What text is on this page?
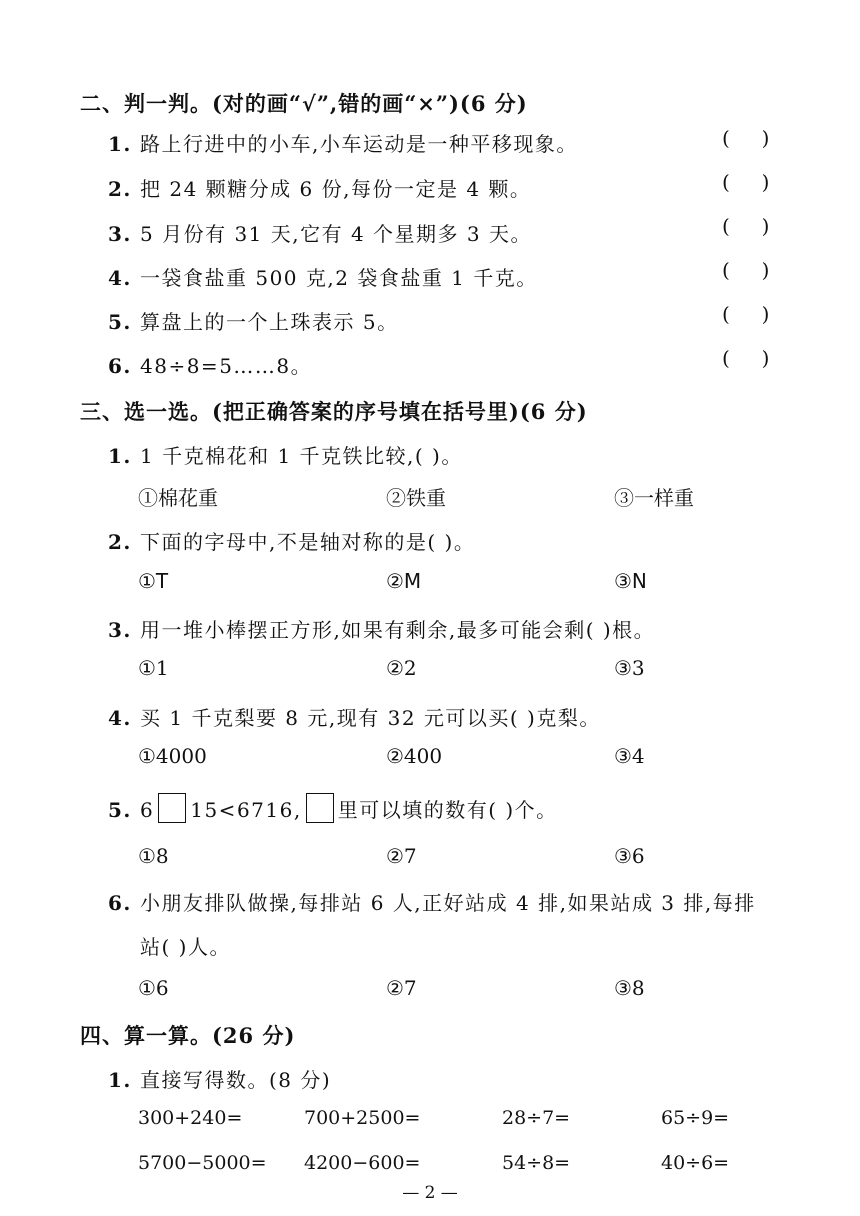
二、判一判。(对的画“√”,错的画“×”)(6 分)
1. 路上行进中的小车,小车运动是一种平移现象。	(     )
2. 把 24 颗糖分成 6 份,每份一定是 4 颗。	(     )
3. 5 月份有 31 天,它有 4 个星期多 3 天。	(     )
4. 一袋食盐重 500 克,2 袋食盐重 1 千克。	(     )
5. 算盘上的一个上珠表示 5。	(     )
6. 48÷8=5……8。	(     )
三、选一选。(把正确答案的序号填在括号里)(6 分)
1. 1 千克棉花和 1 千克铁比较,( )。
①棉花重	②铁重	③一样重
2. 下面的字母中,不是轴对称的是( )。
①T	②M	③N
3. 用一堆小棒摆正方形,如果有剩余,最多可能会剩( )根。
①1	②2	③3
4. 买 1 千克梨要 8 元,现有 32 元可以买( )克梨。
①4000	②400	③4
5. 6 15<6716, 里可以填的数有( )个。
①8	②7	③6
6. 小朋友排队做操,每排站 6 人,正好站成 4 排,如果站成 3 排,每排
站( )人。
①6	②7	③8
四、算一算。(26 分)
1. 直接写得数。(8 分)
300+240=	700+2500=	28÷7=	65÷9=
5700−5000= 4200−600=	54÷8=	40÷6=
— 2 —
